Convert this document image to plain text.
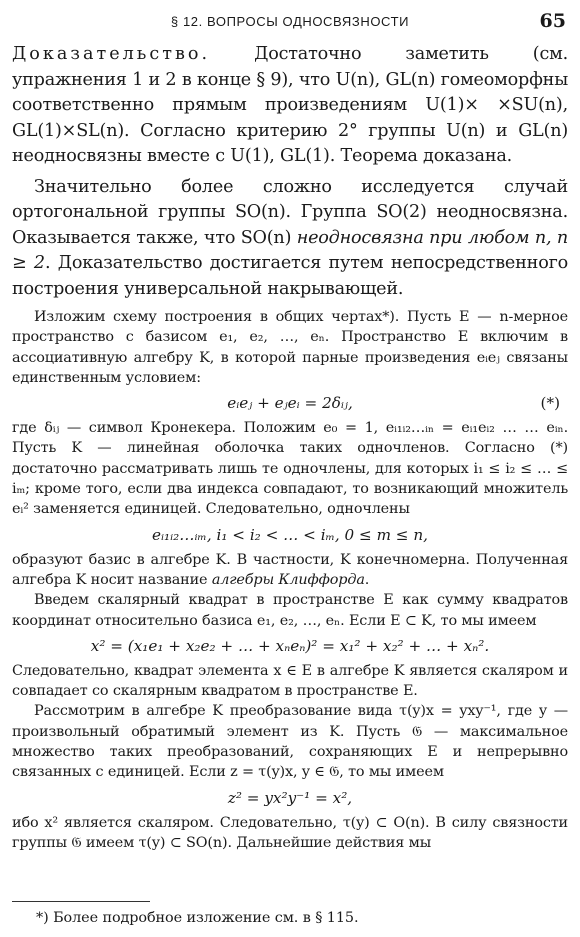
§ 12. ВОПРОСЫ ОДНОСВЯЗНОСТИ	65

Доказательство. Достаточно заметить (см. упражнения 1 и 2 в конце § 9), что U(n), GL(n) гомеоморфны соответственно прямым произведениям U(1)× ×SU(n), GL(1)×SL(n). Согласно критерию 2° группы U(n) и GL(n) неодносвязны вместе с U(1), GL(1). Теорема доказана.

Значительно более сложно исследуется случай ортогональной группы SO(n). Группа SO(2) неодносвязна. Оказывается также, что SO(n) неодносвязна при любом n, n ≥ 2. Доказательство достигается путем непосредственного построения универсальной накрывающей.

Изложим схему построения в общих чертах*). Пусть E — n-мерное пространство с базисом e₁, e₂, …, eₙ. Пространство E включим в ассоциативную алгебру K, в которой парные произведения eᵢeⱼ связаны единственным условием:

eᵢeⱼ + eⱼeᵢ = 2δᵢⱼ,	(*)

где δᵢⱼ — символ Кронекера. Положим e₀ = 1, eᵢ₁ᵢ₂…ᵢₙ = eᵢ₁eᵢ₂ … … eᵢₙ. Пусть K — линейная оболочка таких одночленов. Согласно (*) достаточно рассматривать лишь те одночлены, для которых i₁ ≤ i₂ ≤ … ≤ iₘ; кроме того, если два индекса совпадают, то возникающий множитель eᵢ² заменяется единицей. Следовательно, одночлены

eᵢ₁ᵢ₂…ᵢₘ, i₁ < i₂ < … < iₘ, 0 ≤ m ≤ n,

образуют базис в алгебре K. В частности, K конечномерна. Полученная алгебра K носит название алгебры Клиффорда.

Введем скалярный квадрат в пространстве E как сумму квадратов координат относительно базиса e₁, e₂, …, eₙ. Если E ⊂ K, то мы имеем

x² = (x₁e₁ + x₂e₂ + … + xₙeₙ)² = x₁² + x₂² + … + xₙ².

Следовательно, квадрат элемента x ∈ E в алгебре K является скаляром и совпадает со скалярным квадратом в пространстве E.

Рассмотрим в алгебре K преобразование вида τ(y)x = yxy⁻¹, где y — произвольный обратимый элемент из K. Пусть 𝔊 — максимальное множество таких преобразований, сохраняющих E и непрерывно связанных с единицей. Если z = τ(y)x, y ∈ 𝔊, то мы имеем

z² = yx²y⁻¹ = x²,

ибо x² является скаляром. Следовательно, τ(y) ⊂ O(n). В силу связности группы 𝔊 имеем τ(y) ⊂ SO(n). Дальнейшие действия мы

*) Более подробное изложение см. в § 115.
